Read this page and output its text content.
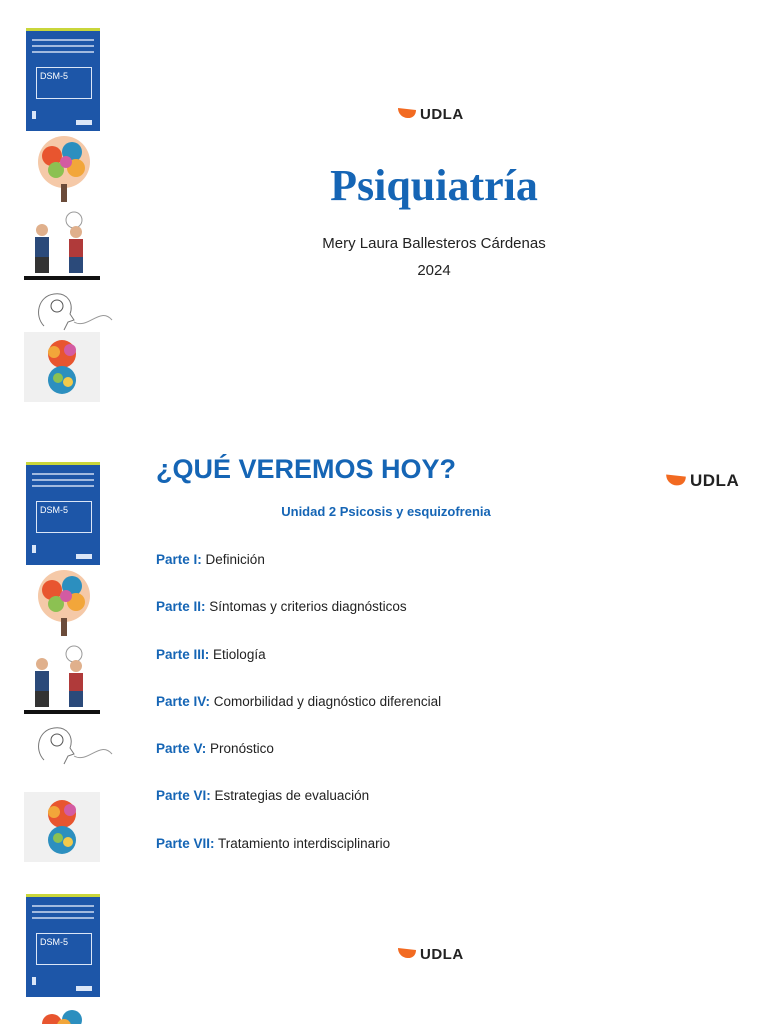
DSM-5
UDLA
Psiquiatría
Mery Laura Ballesteros Cárdenas
2024
DSM-5
¿QUÉ VEREMOS HOY?	UDLA
Unidad 2 Psicosis y esquizofrenia
Parte I: Definición
Parte II: Síntomas y criterios diagnósticos
Parte III: Etiología
Parte IV: Comorbilidad y diagnóstico diferencial
Parte V: Pronóstico
Parte VI: Estrategias de evaluación
Parte VII: Tratamiento interdisciplinario
DSM-5
UDLA
